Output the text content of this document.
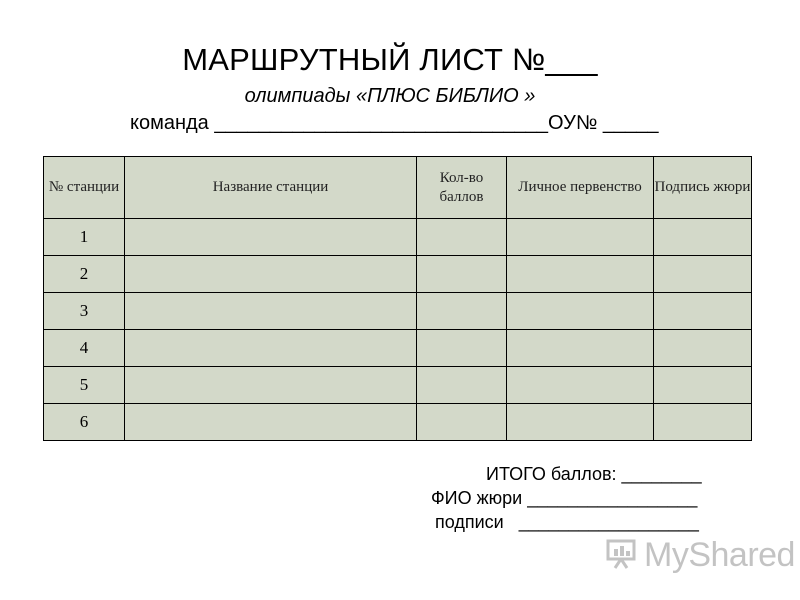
МАРШРУТНЫЙ ЛИСТ №___
олимпиады «ПЛЮС БИБЛИО »
команда ______________________________ОУ№ _____
№ станции	Название станции	Кол-во баллов	Личное первенство	Подпись жюри
1				
2				
3				
4				
5				
6				
ИТОГО баллов: ________
ФИО жюри _________________
подписи   __________________
MyShared
